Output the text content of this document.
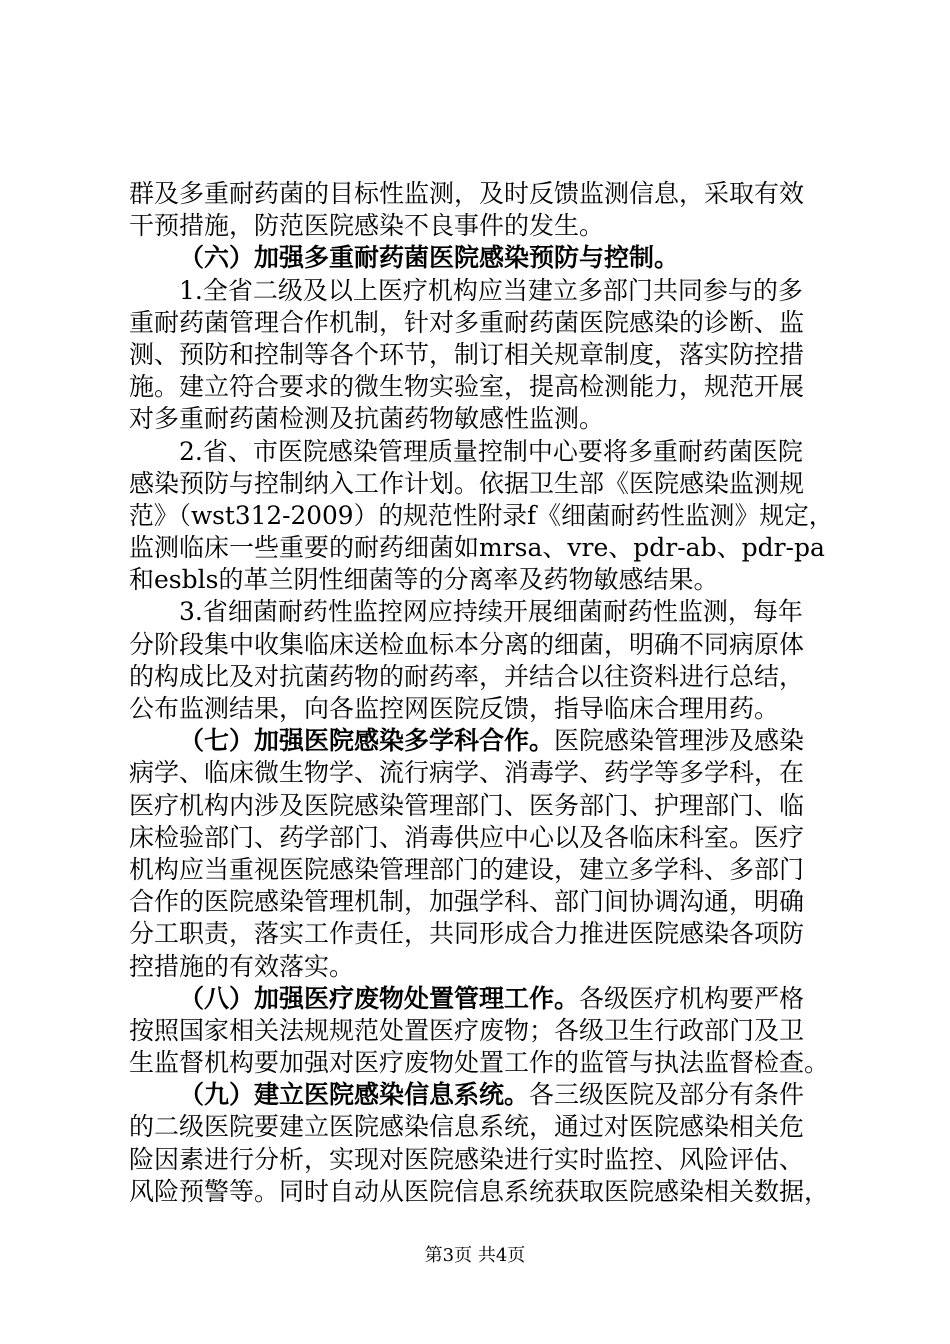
群及多重耐药菌的目标性监测，及时反馈监测信息，采取有效
干预措施，防范医院感染不良事件的发生。
（六）加强多重耐药菌医院感染预防与控制。
1.全省二级及以上医疗机构应当建立多部门共同参与的多
重耐药菌管理合作机制，针对多重耐药菌医院感染的诊断、监
测、预防和控制等各个环节，制订相关规章制度，落实防控措
施。建立符合要求的微生物实验室，提高检测能力，规范开展
对多重耐药菌检测及抗菌药物敏感性监测。
2.省、市医院感染管理质量控制中心要将多重耐药菌医院
感染预防与控制纳入工作计划。依据卫生部《医院感染监测规
范》（wst312-2009）的规范性附录f《细菌耐药性监测》规定，
监测临床一些重要的耐药细菌如mrsa、vre、pdr-ab、pdr-pa
和esbls的革兰阴性细菌等的分离率及药物敏感结果。
3.省细菌耐药性监控网应持续开展细菌耐药性监测，每年
分阶段集中收集临床送检血标本分离的细菌，明确不同病原体
的构成比及对抗菌药物的耐药率，并结合以往资料进行总结，
公布监测结果，向各监控网医院反馈，指导临床合理用药。
（七）加强医院感染多学科合作。医院感染管理涉及感染
病学、临床微生物学、流行病学、消毒学、药学等多学科，在
医疗机构内涉及医院感染管理部门、医务部门、护理部门、临
床检验部门、药学部门、消毒供应中心以及各临床科室。医疗
机构应当重视医院感染管理部门的建设，建立多学科、多部门
合作的医院感染管理机制，加强学科、部门间协调沟通，明确
分工职责，落实工作责任，共同形成合力推进医院感染各项防
控措施的有效落实。
（八）加强医疗废物处置管理工作。各级医疗机构要严格
按照国家相关法规规范处置医疗废物；各级卫生行政部门及卫
生监督机构要加强对医疗废物处置工作的监管与执法监督检查。
（九）建立医院感染信息系统。各三级医院及部分有条件
的二级医院要建立医院感染信息系统，通过对医院感染相关危
险因素进行分析，实现对医院感染进行实时监控、风险评估、
风险预警等。同时自动从医院信息系统获取医院感染相关数据，
第3页 共4页
